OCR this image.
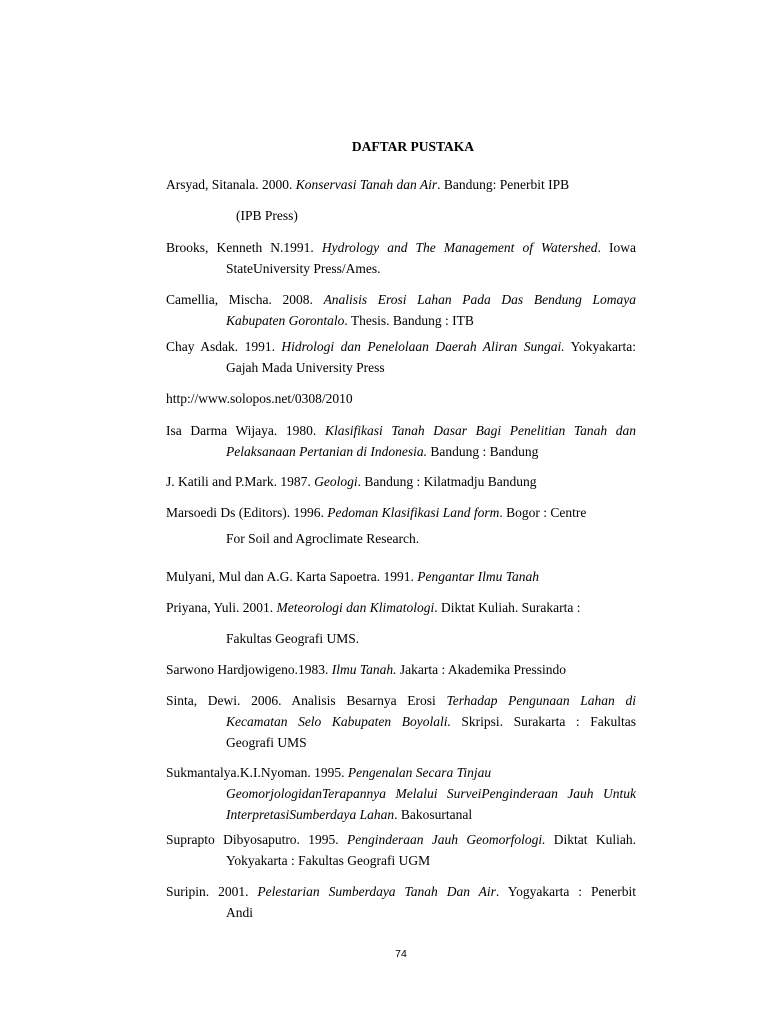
DAFTAR PUSTAKA
Arsyad, Sitanala. 2000. Konservasi Tanah dan Air. Bandung: Penerbit IPB
(IPB Press)
Brooks, Kenneth N.1991. Hydrology and The Management of Watershed. Iowa
StateUniversity Press/Ames.
Camellia, Mischa. 2008. Analisis Erosi Lahan Pada Das Bendung Lomaya
Kabupaten Gorontalo. Thesis. Bandung : ITB
Chay Asdak. 1991. Hidrologi dan Penelolaan Daerah Aliran Sungai. Yokyakarta:
Gajah Mada University Press
http://www.solopos.net/0308/2010
Isa Darma Wijaya. 1980. Klasifikasi Tanah Dasar Bagi Penelitian Tanah dan
Pelaksanaan Pertanian di Indonesia. Bandung : Bandung
J. Katili and P.Mark. 1987. Geologi. Bandung : Kilatmadju Bandung
Marsoedi Ds (Editors). 1996. Pedoman Klasifikasi Land form. Bogor : Centre
For Soil and Agroclimate Research.
Mulyani, Mul dan A.G. Karta Sapoetra. 1991. Pengantar Ilmu Tanah
Priyana, Yuli. 2001. Meteorologi dan Klimatologi. Diktat Kuliah. Surakarta :
Fakultas Geografi UMS.
Sarwono Hardjowigeno.1983. Ilmu Tanah. Jakarta : Akademika Pressindo
Sinta, Dewi. 2006. Analisis Besarnya Erosi Terhadap Pengunaan Lahan di
Kecamatan Selo Kabupaten Boyolali. Skripsi. Surakarta : Fakultas
Geografi UMS
Sukmantalya.K.I.Nyoman. 1995. Pengenalan Secara Tinjau
GeomorjologidanTerapannya Melalui SurveiPenginderaan Jauh Untuk
InterpretasiSumberdaya Lahan. Bakosurtanal
Suprapto Dibyosaputro. 1995. Penginderaan Jauh Geomorfologi. Diktat Kuliah.
Yokyakarta : Fakultas Geografi UGM
Suripin. 2001. Pelestarian Sumberdaya Tanah Dan Air. Yogyakarta : Penerbit
Andi
74
